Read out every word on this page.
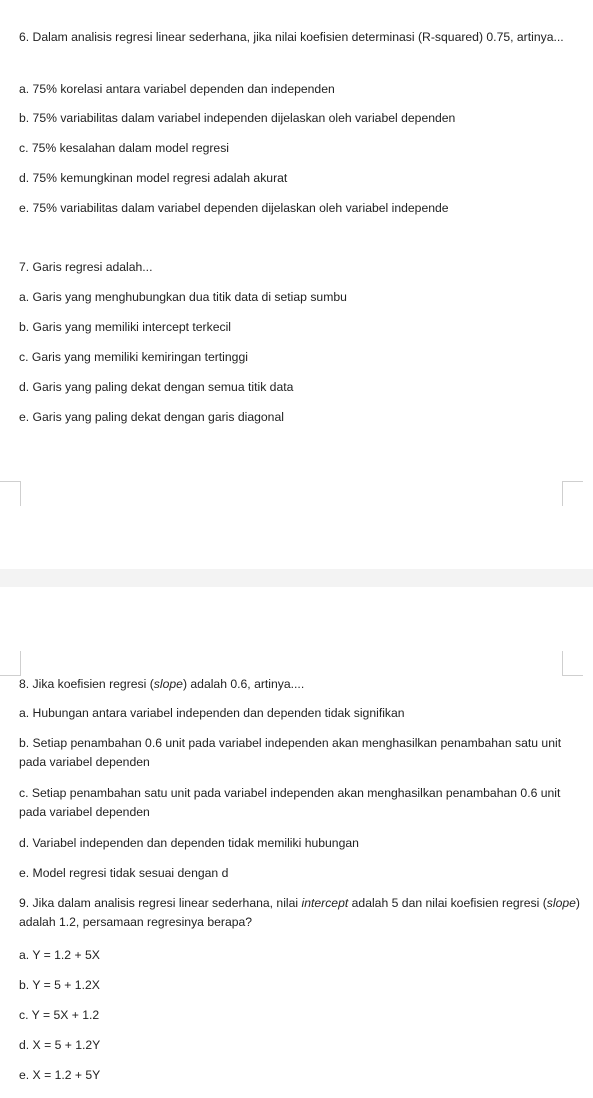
6. Dalam analisis regresi linear sederhana, jika nilai koefisien determinasi (R-squared) 0.75, artinya...
a. 75% korelasi antara variabel dependen dan independen
b. 75% variabilitas dalam variabel independen dijelaskan oleh variabel dependen
c. 75% kesalahan dalam model regresi
d. 75% kemungkinan model regresi adalah akurat
e. 75% variabilitas dalam variabel dependen dijelaskan oleh variabel independe
7. Garis regresi adalah...
a. Garis yang menghubungkan dua titik data di setiap sumbu
b. Garis yang memiliki intercept terkecil
c. Garis yang memiliki kemiringan tertinggi
d. Garis yang paling dekat dengan semua titik data
e. Garis yang paling dekat dengan garis diagonal
8. Jika koefisien regresi (slope) adalah 0.6, artinya....
a. Hubungan antara variabel independen dan dependen tidak signifikan
b. Setiap penambahan 0.6 unit pada variabel independen akan menghasilkan penambahan satu unit pada variabel dependen
c. Setiap penambahan satu unit pada variabel independen akan menghasilkan penambahan 0.6 unit pada variabel dependen
d. Variabel independen dan dependen tidak memiliki hubungan
e. Model regresi tidak sesuai dengan d
9. Jika dalam analisis regresi linear sederhana, nilai intercept adalah 5 dan nilai koefisien regresi (slope) adalah 1.2, persamaan regresinya berapa?
a. Y = 1.2 + 5X
b. Y = 5 + 1.2X
c. Y = 5X + 1.2
d. X = 5 + 1.2Y
e. X = 1.2 + 5Y
